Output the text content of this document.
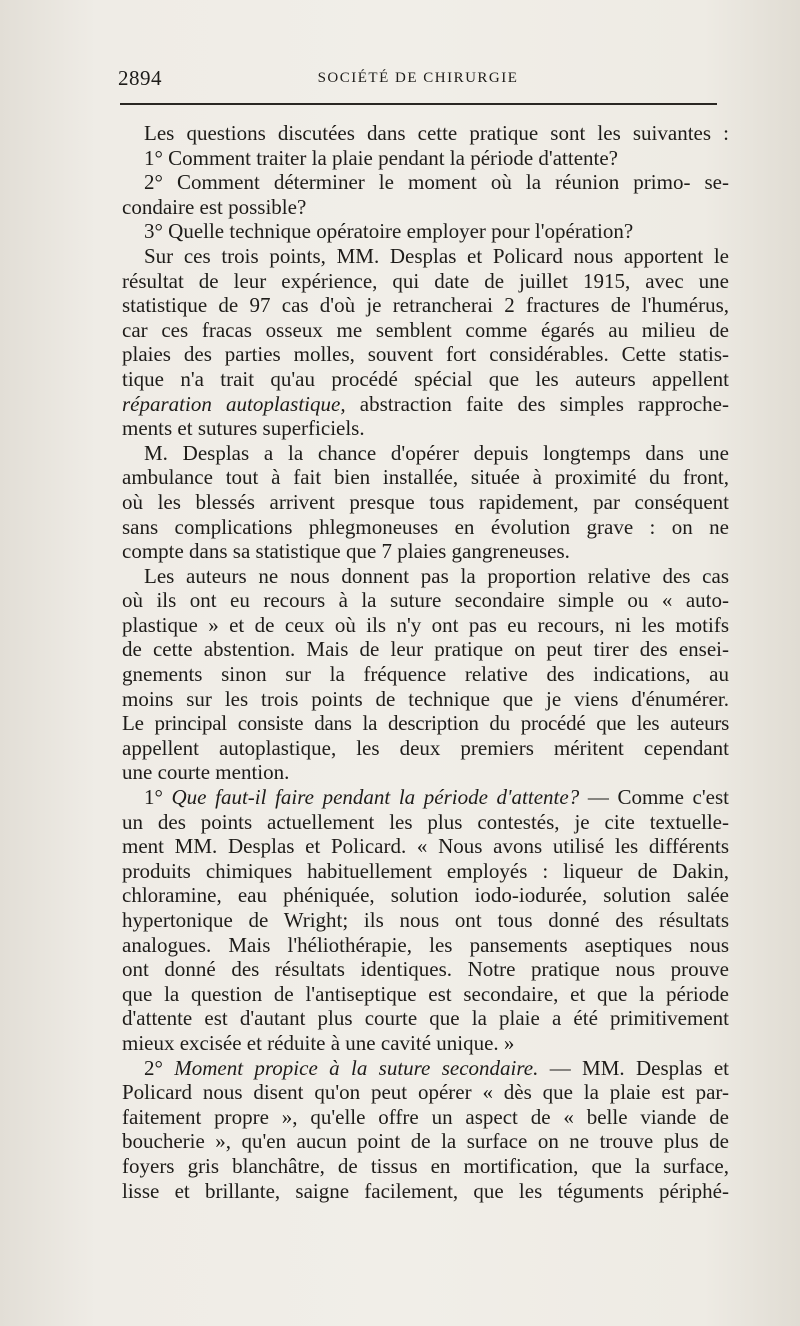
2894	SOCIÉTÉ DE CHIRURGIE
Les questions discutées dans cette pratique sont les suivantes :
1° Comment traiter la plaie pendant la période d'attente?
2° Comment déterminer le moment où la réunion primo- se-
condaire est possible?
3° Quelle technique opératoire employer pour l'opération?
Sur ces trois points, MM. Desplas et Policard nous apportent le
résultat de leur expérience, qui date de juillet 1915, avec une
statistique de 97 cas d'où je retrancherai 2 fractures de l'humérus,
car ces fracas osseux me semblent comme égarés au milieu de
plaies des parties molles, souvent fort considérables. Cette statis-
tique n'a trait qu'au procédé spécial que les auteurs appellent
réparation autoplastique, abstraction faite des simples rapproche-
ments et sutures superficiels.
M. Desplas a la chance d'opérer depuis longtemps dans une
ambulance tout à fait bien installée, située à proximité du front,
où les blessés arrivent presque tous rapidement, par conséquent
sans complications phlegmoneuses en évolution grave : on ne
compte dans sa statistique que 7 plaies gangreneuses.
Les auteurs ne nous donnent pas la proportion relative des cas
où ils ont eu recours à la suture secondaire simple ou « auto-
plastique » et de ceux où ils n'y ont pas eu recours, ni les motifs
de cette abstention. Mais de leur pratique on peut tirer des ensei-
gnements sinon sur la fréquence relative des indications, au
moins sur les trois points de technique que je viens d'énumérer.
Le principal consiste dans la description du procédé que les auteurs
appellent autoplastique, les deux premiers méritent cependant
une courte mention.
1° Que faut-il faire pendant la période d'attente? — Comme c'est
un des points actuellement les plus contestés, je cite textuelle-
ment MM. Desplas et Policard. « Nous avons utilisé les différents
produits chimiques habituellement employés : liqueur de Dakin,
chloramine, eau phéniquée, solution iodo-iodurée, solution salée
hypertonique de Wright; ils nous ont tous donné des résultats
analogues. Mais l'héliothérapie, les pansements aseptiques nous
ont donné des résultats identiques. Notre pratique nous prouve
que la question de l'antiseptique est secondaire, et que la période
d'attente est d'autant plus courte que la plaie a été primitivement
mieux excisée et réduite à une cavité unique. »
2° Moment propice à la suture secondaire. — MM. Desplas et
Policard nous disent qu'on peut opérer « dès que la plaie est par-
faitement propre », qu'elle offre un aspect de « belle viande de
boucherie », qu'en aucun point de la surface on ne trouve plus de
foyers gris blanchâtre, de tissus en mortification, que la surface,
lisse et brillante, saigne facilement, que les téguments périphé-
